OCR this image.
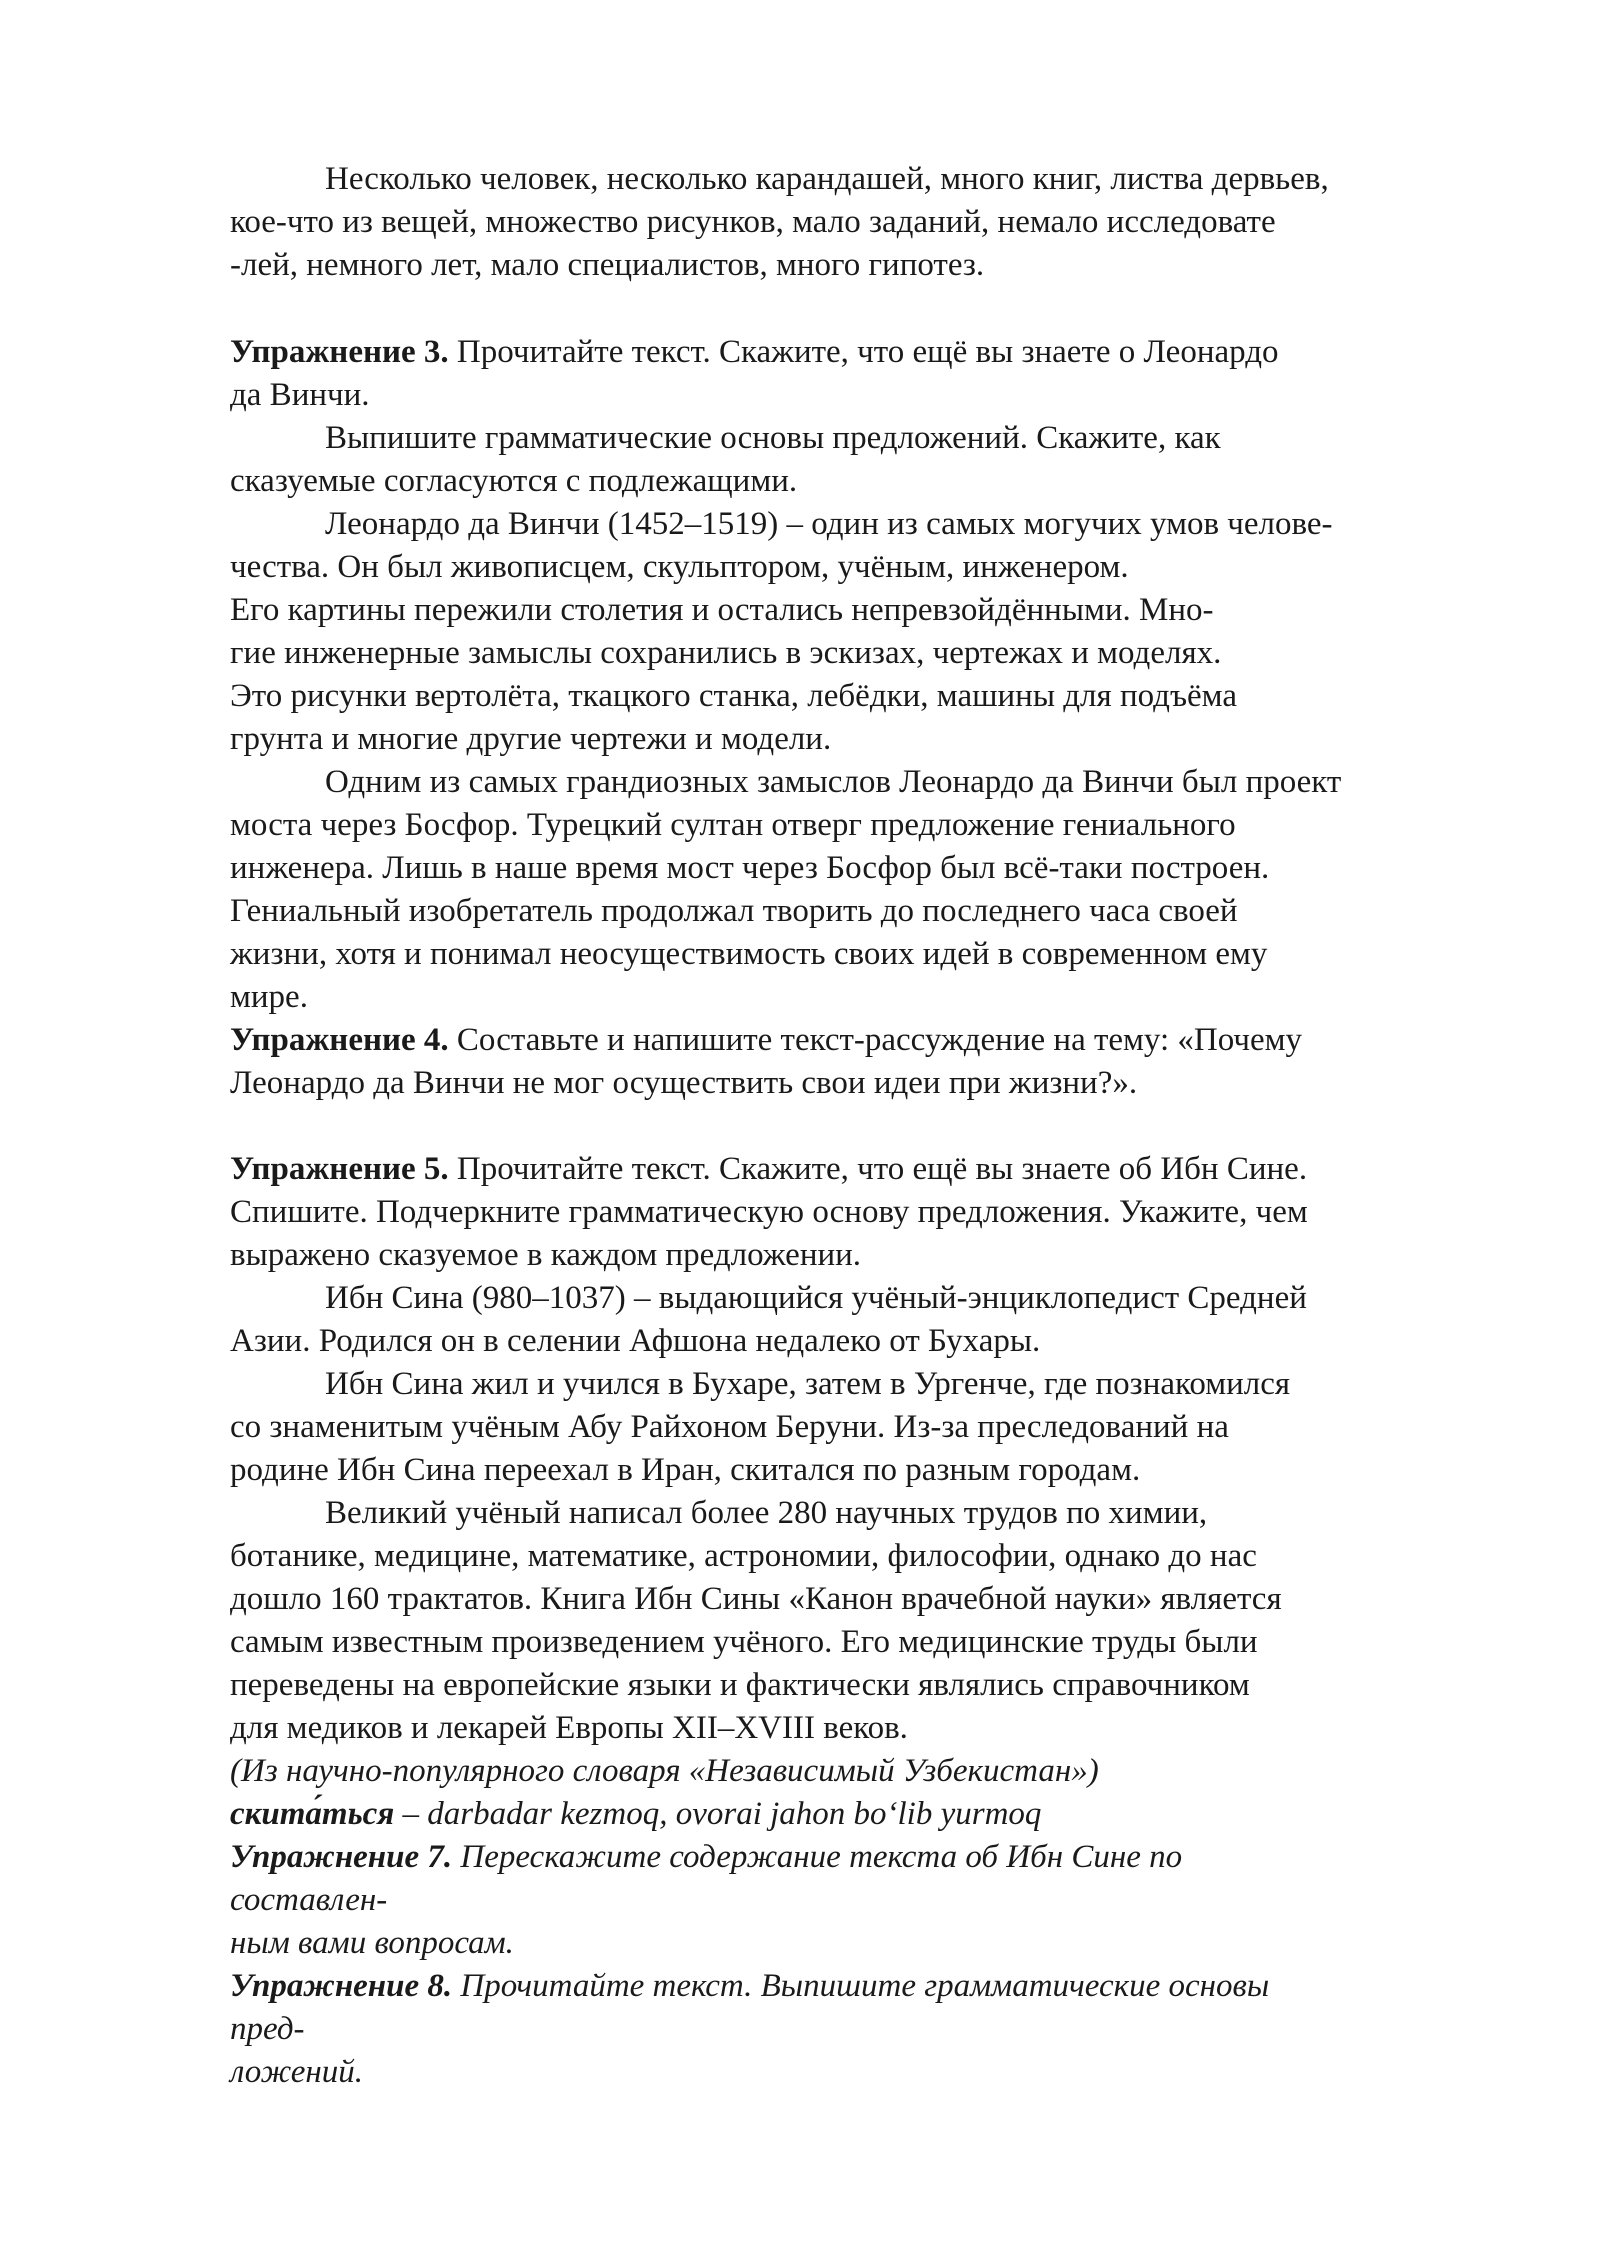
Несколько человек, несколько карандашей, много книг, листва дервьев,
кое-что из вещей, множество рисунков, мало заданий, немало исследовате
-лей, немного лет, мало специалистов, много гипотез.
Упражнение 3. Прочитайте текст. Скажите, что ещё вы знаете о Леонардо
да Винчи.
Выпишите грамматические основы предложений. Скажите, как
сказуемые согласуются с подлежащими.
Леонардо да Винчи (1452–1519) – один из самых могучих умов челове-
чества. Он был живописцем, скульптором, учёным, инженером.
Его картины пережили столетия и остались непревзойдёнными. Мно-
гие инженерные замыслы сохранились в эскизах, чертежах и моделях.
Это рисунки вертолёта, ткацкого станка, лебёдки, машины для подъёма
грунта и многие другие чертежи и модели.
Одним из самых грандиозных замыслов Леонардо да Винчи был проект
моста через Босфор. Турецкий султан отверг предложение гениального
инженера. Лишь в наше время мост через Босфор был всё-таки построен.
Гениальный изобретатель продолжал творить до последнего часа своей
жизни, хотя и понимал неосуществимость своих идей в современном ему
мире.
Упражнение 4. Составьте и напишите текст-рассуждение на тему: «Почему
Леонардо да Винчи не мог осуществить свои идеи при жизни?».
Упражнение 5. Прочитайте текст. Скажите, что ещё вы знаете об Ибн Сине.
Спишите. Подчеркните грамматическую основу предложения. Укажите, чем
выражено сказуемое в каждом предложении.
Ибн Сина (980–1037) – выдающийся учёный-энциклопедист Средней
Азии. Родился он в селении Афшона недалеко от Бухары.
Ибн Сина жил и учился в Бухаре, затем в Ургенче, где познакомился
со знаменитым учёным Абу Райхоном Беруни. Из-за преследований на
родине Ибн Сина переехал в Иран, скитался по разным городам.
Великий учёный написал более 280 научных трудов по химии,
ботанике, медицине, математике, астрономии, философии, однако до нас
дошло 160 трактатов. Книга Ибн Сины «Канон врачебной науки» является
самым известным произведением учёного. Его медицинские труды были
переведены на европейские языки и фактически являлись справочником
для медиков и лекарей Европы XII–XVIII веков.
(Из научно-популярного словаря «Независимый Узбекистан»)
скита́ться – darbadar kezmoq, ovorai jahon bo‘lib yurmoq
Упражнение 7. Перескажите содержание текста об Ибн Сине по
составлен-
ным вами вопросам.
Упражнение 8. Прочитайте текст. Выпишите грамматические основы
пред-
ложений.
